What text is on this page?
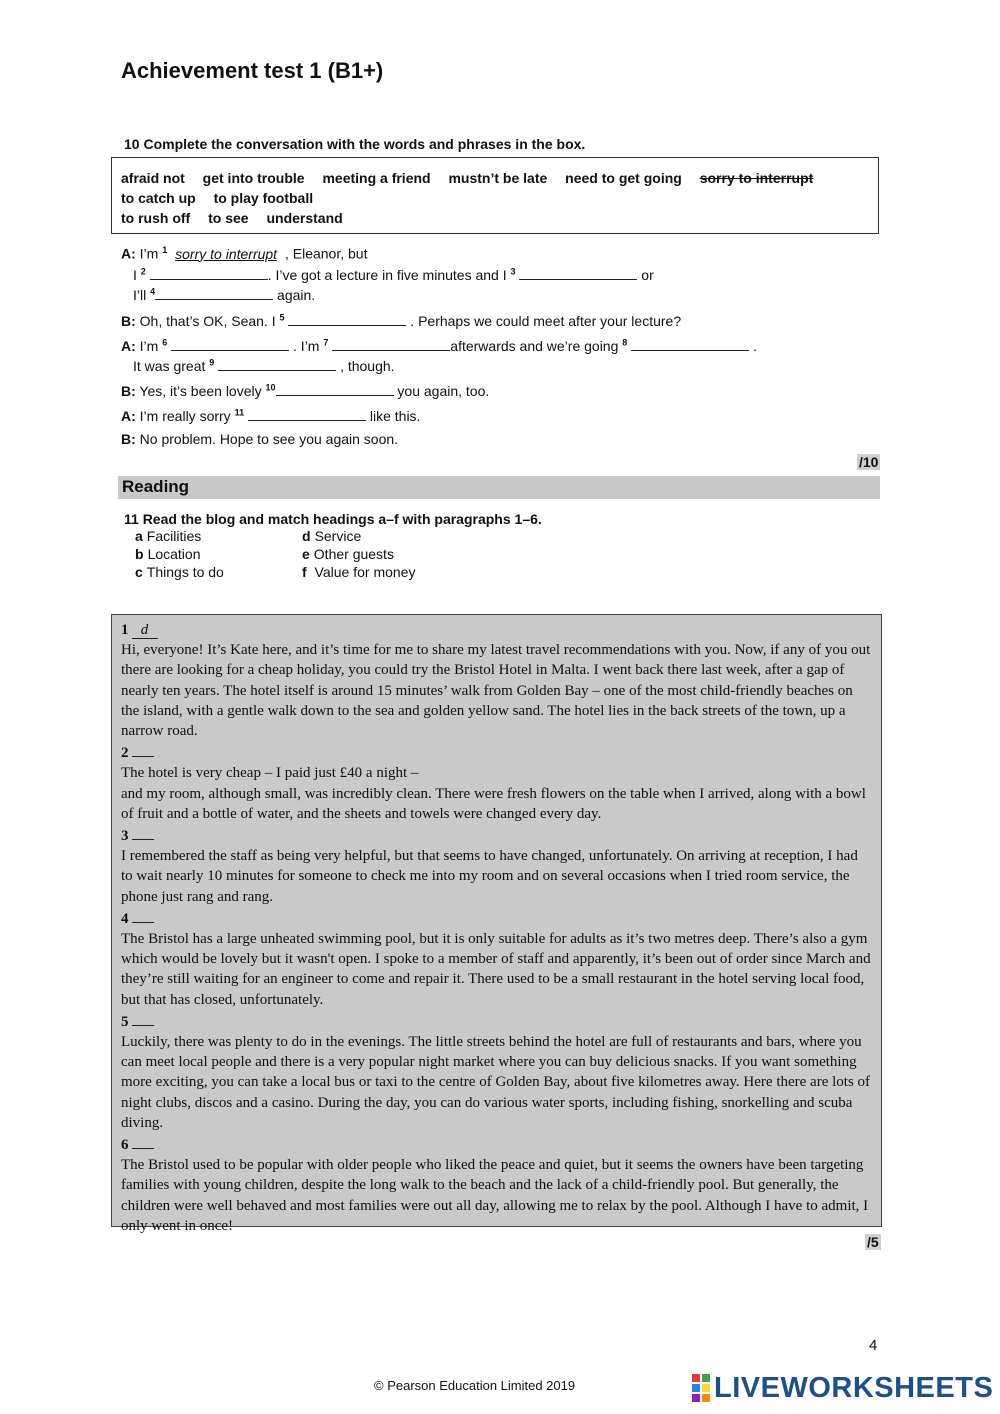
Achievement test 1 (B1+)
10 Complete the conversation with the words and phrases in the box.
afraid not get into trouble meeting a friend mustn’t be late need to get going sorry to interrupt
to catch up to play football
to rush off to see understand
A: I’m $^1$ sorry to interrupt , Eleanor, but
I $^2$	. I’ve got a lecture in five minutes and I $^3$	or
I’ll $^4$	again.
B: Oh, that’s OK, Sean. I $^5$	. Perhaps we could meet after your lecture?
A: I’m $^6$	. I’m $^7$	afterwards and we’re going $^8$	.
It was great $^9$	, though.
B: Yes, it’s been lovely $^{10}$	you again, too.
A: I’m really sorry $^{11}$	like this.
B: No problem. Hope to see you again soon.
/10
Reading
11 Read the blog and match headings a–f with paragraphs 1–6.
a Facilities
b Location
c Things to do
d Service
e Other guests
f Value for money
1 d
Hi, everyone! It’s Kate here, and it’s time for me to share my latest travel recommendations with you. Now, if any of you out there are looking for a cheap holiday, you could try the Bristol Hotel in Malta. I went back there last week, after a gap of nearly ten years. The hotel itself is around 15 minutes’ walk from Golden Bay – one of the most child-friendly beaches on the island, with a gentle walk down to the sea and golden yellow sand. The hotel lies in the back streets of the town, up a narrow road.
2
The hotel is very cheap – I paid just £40 a night –
and my room, although small, was incredibly clean. There were fresh flowers on the table when I arrived, along with a bowl of fruit and a bottle of water, and the sheets and towels were changed every day.
3
I remembered the staff as being very helpful, but that seems to have changed, unfortunately. On arriving at reception, I had to wait nearly 10 minutes for someone to check me into my room and on several occasions when I tried room service, the phone just rang and rang.
4
The Bristol has a large unheated swimming pool, but it is only suitable for adults as it’s two metres deep. There’s also a gym which would be lovely but it wasn't open. I spoke to a member of staff and apparently, it’s been out of order since March and they’re still waiting for an engineer to come and repair it. There used to be a small restaurant in the hotel serving local food, but that has closed, unfortunately.
5
Luckily, there was plenty to do in the evenings. The little streets behind the hotel are full of restaurants and bars, where you can meet local people and there is a very popular night market where you can buy delicious snacks. If you want something more exciting, you can take a local bus or taxi to the centre of Golden Bay, about five kilometres away. Here there are lots of night clubs, discos and a casino. During the day, you can do various water sports, including fishing, snorkelling and scuba diving.
6
The Bristol used to be popular with older people who liked the peace and quiet, but it seems the owners have been targeting families with young children, despite the long walk to the beach and the lack of a child-friendly pool. But generally, the children were well behaved and most families were out all day, allowing me to relax by the pool. Although I have to admit, I only went in once!
/5
4
© Pearson Education Limited 2019	LIVEWORKSHEETS
